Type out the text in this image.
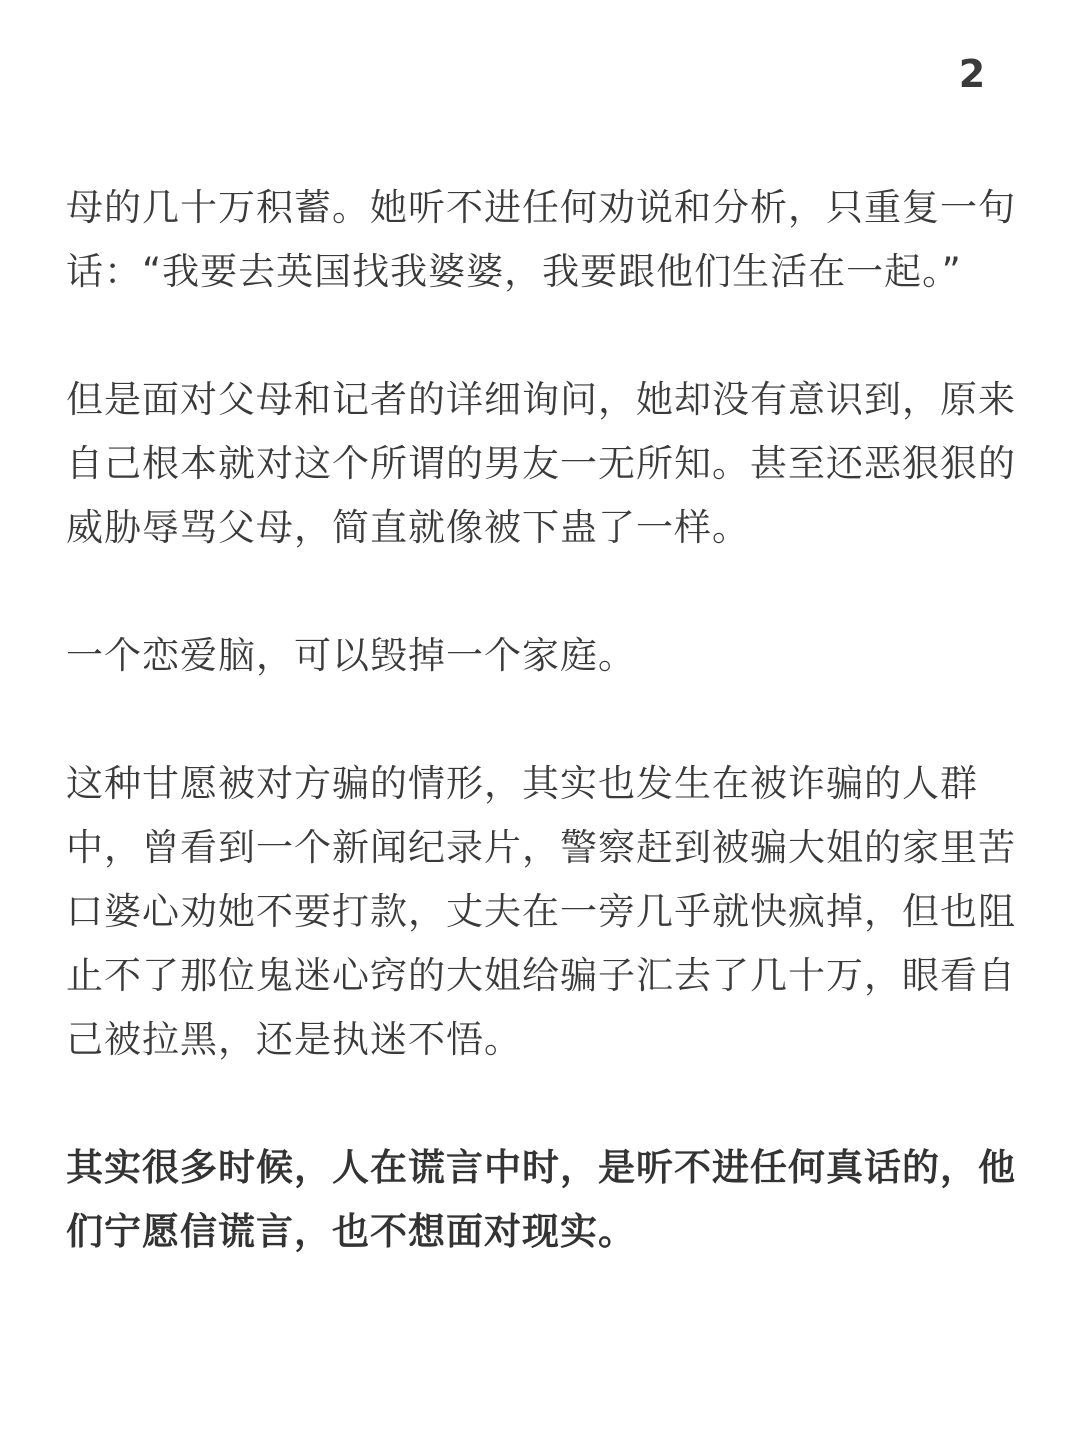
2

母的几十万积蓄。她听不进任何劝说和分析，只重复一句
话：“我要去英国找我婆婆，我要跟他们生活在一起。”

但是面对父母和记者的详细询问，她却没有意识到，原来
自己根本就对这个所谓的男友一无所知。甚至还恶狠狠的
威胁辱骂父母，简直就像被下蛊了一样。

一个恋爱脑，可以毁掉一个家庭。

这种甘愿被对方骗的情形，其实也发生在被诈骗的人群
中，曾看到一个新闻纪录片，警察赶到被骗大姐的家里苦
口婆心劝她不要打款，丈夫在一旁几乎就快疯掉，但也阻
止不了那位鬼迷心窍的大姐给骗子汇去了几十万，眼看自
己被拉黑，还是执迷不悟。

其实很多时候，人在谎言中时，是听不进任何真话的，他
们宁愿信谎言，也不想面对现实。
